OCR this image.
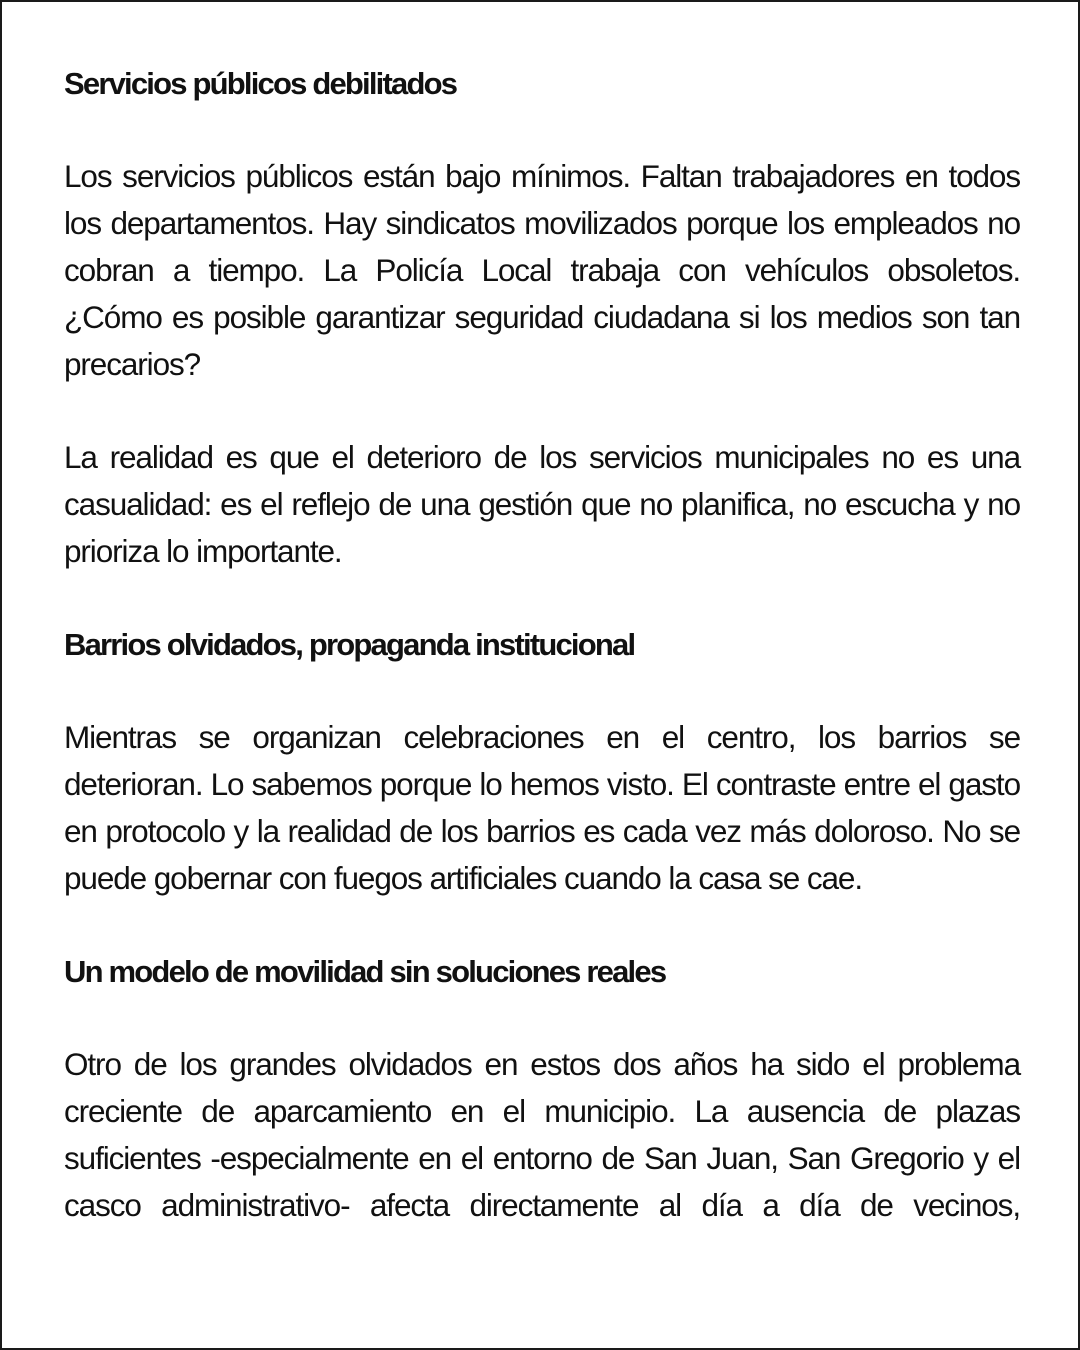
Servicios públicos debilitados

Los servicios públicos están bajo mínimos. Faltan trabajadores en todos los departamentos. Hay sindicatos movilizados porque los empleados no cobran a tiempo. La Policía Local trabaja con vehículos obsoletos. ¿Cómo es posible garantizar seguridad ciudadana si los medios son tan precarios?

La realidad es que el deterioro de los servicios municipales no es una casualidad: es el reflejo de una gestión que no planifica, no escucha y no prioriza lo importante.

Barrios olvidados, propaganda institucional

Mientras se organizan celebraciones en el centro, los barrios se deterioran. Lo sabemos porque lo hemos visto. El contraste entre el gasto en protocolo y la realidad de los barrios es cada vez más doloroso. No se puede gobernar con fuegos artificiales cuando la casa se cae.

Un modelo de movilidad sin soluciones reales

Otro de los grandes olvidados en estos dos años ha sido el problema creciente de aparcamiento en el municipio. La ausencia de plazas suficientes -especialmente en el entorno de San Juan, San Gregorio y el casco administrativo- afecta directamente al día a día de vecinos,
